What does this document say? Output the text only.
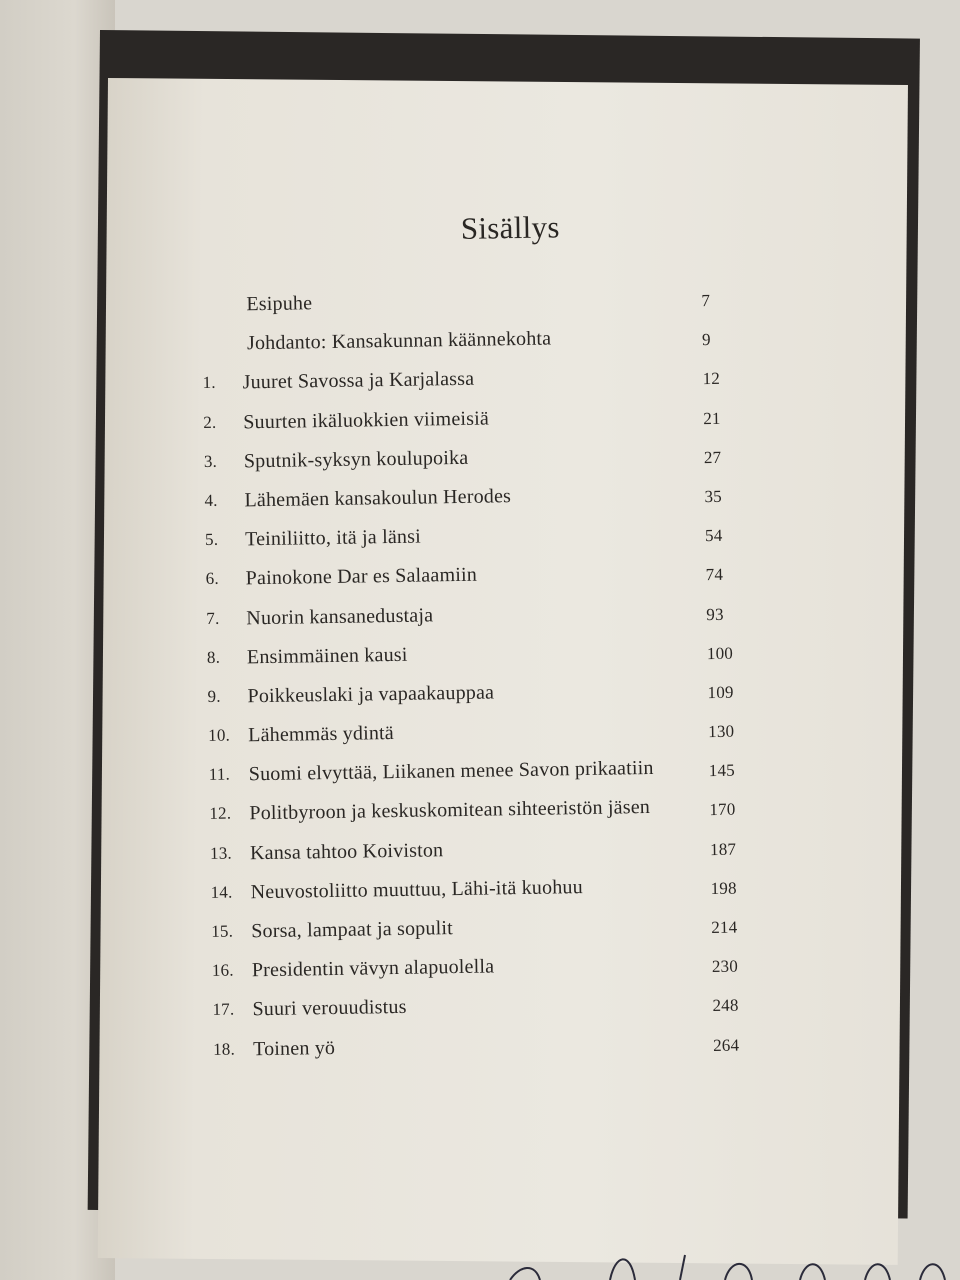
Sisällys
Esipuhe	7
Johdanto: Kansakunnan käännekohta	9
1.	Juuret Savossa ja Karjalassa	12
2.	Suurten ikäluokkien viimeisiä	21
3.	Sputnik-syksyn koulupoika	27
4.	Lähemäen kansakoulun Herodes	35
5.	Teiniliitto, itä ja länsi	54
6.	Painokone Dar es Salaamiin	74
7.	Nuorin kansanedustaja	93
8.	Ensimmäinen kausi	100
9.	Poikkeuslaki ja vapaakauppaa	109
10. Lähemmäs ydintä	130
11. Suomi elvyttää, Liikanen menee Savon prikaatiin	145
12. Politbyroon ja keskuskomitean sihteeristön jäsen	170
13. Kansa tahtoo Koiviston	187
14. Neuvostoliitto muuttuu, Lähi-itä kuohuu	198
15. Sorsa, lampaat ja sopulit	214
16. Presidentin vävyn alapuolella	230
17. Suuri verouudistus	248
18. Toinen yö	264
